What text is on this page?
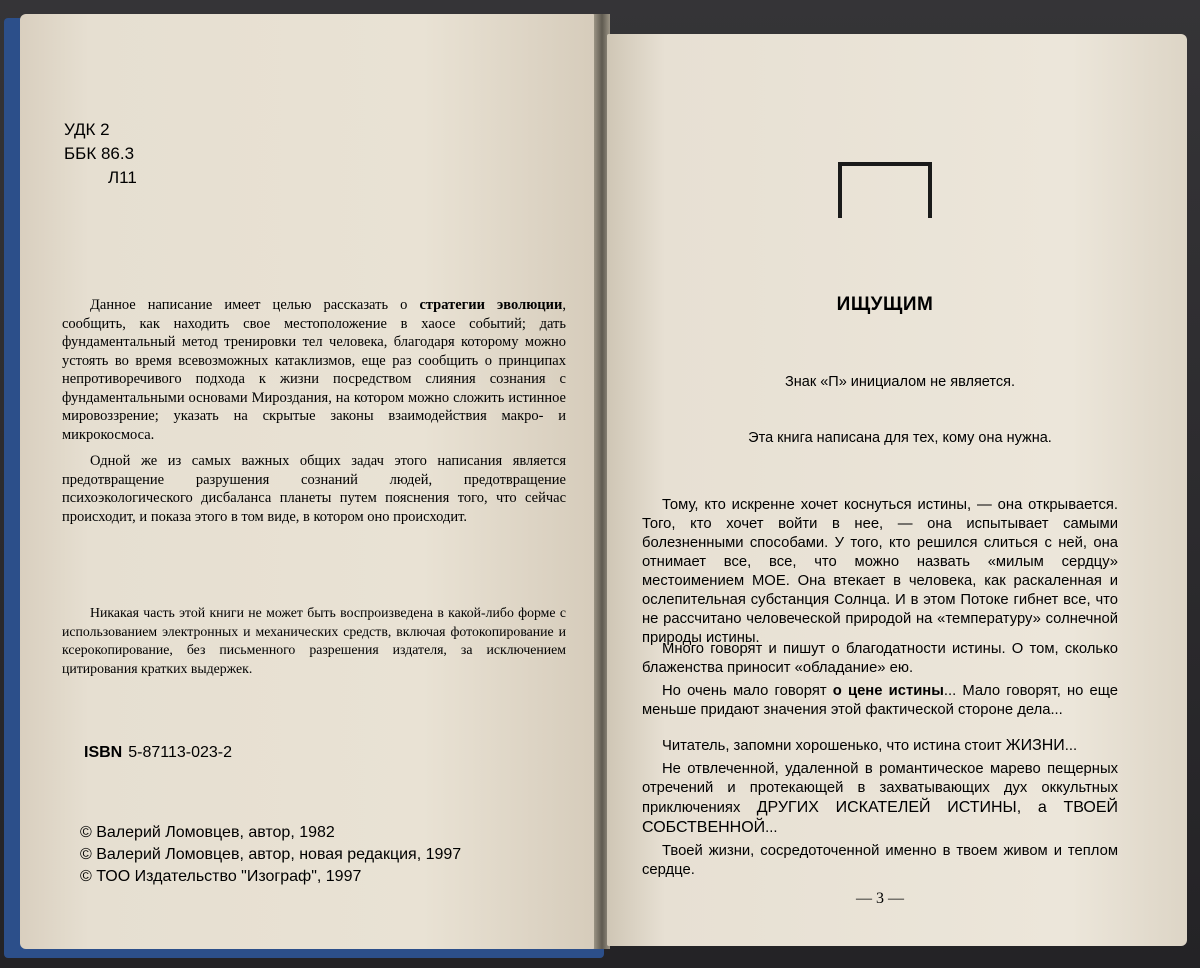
УДК 2
ББК 86.3
Л11

Данное написание имеет целью рассказать о стратегии эволюции, сообщить, как находить свое местоположение в хаосе событий; дать фундаментальный метод тренировки тел человека, благодаря которому можно устоять во время всевозможных катаклизмов, еще раз сообщить о принципах непротиворечивого подхода к жизни посредством слияния сознания с фундаментальными основами Мироздания, на котором можно сложить истинное мировоззрение; указать на скрытые законы взаимодействия макро- и микрокосмоса.

Одной же из самых важных общих задач этого написания является предотвращение разрушения сознаний людей, предотвращение психоэкологического дисбаланса планеты путем пояснения того, что сейчас происходит, и показа этого в том виде, в котором оно происходит.

Никакая часть этой книги не может быть воспроизведена в какой-либо форме с использованием электронных и механических средств, включая фотокопирование и ксерокопирование, без письменного разрешения издателя, за исключением цитирования кратких выдержек.

ISBN 5-87113-023-2
© Валерий Ломовцев, автор, 1982
© Валерий Ломовцев, автор, новая редакция, 1997
© ТОО Издательство "Изограф", 1997
ИЩУЩИМ
Знак «П» инициалом не является.
Эта книга написана для тех, кому она нужна.

Тому, кто искренне хочет коснуться истины, — она открывается. Того, кто хочет войти в нее, — она испытывает самыми болезненными способами. У того, кто решился слиться с ней, она отнимает все, все, что можно назвать «милым сердцу» местоимением МОЕ. Она втекает в человека, как раскаленная и ослепительная субстанция Солнца. И в этом Потоке гибнет все, что не рассчитано человеческой природой на «температуру» солнечной природы истины.

Много говорят и пишут о благодатности истины. О том, сколько блаженства приносит «обладание» ею.

Но очень мало говорят о цене истины... Мало говорят, но еще меньше придают значения этой фактической стороне дела...

Читатель, запомни хорошенько, что истина стоит ЖИЗНИ...

Не отвлеченной, удаленной в романтическое марево пещерных отречений и протекающей в захватывающих дух оккультных приключениях ДРУГИХ ИСКАТЕЛЕЙ ИСТИНЫ, а ТВОЕЙ СОБСТВЕННОЙ...

Твоей жизни, сосредоточенной именно в твоем живом и теплом сердце.

— 3 —
